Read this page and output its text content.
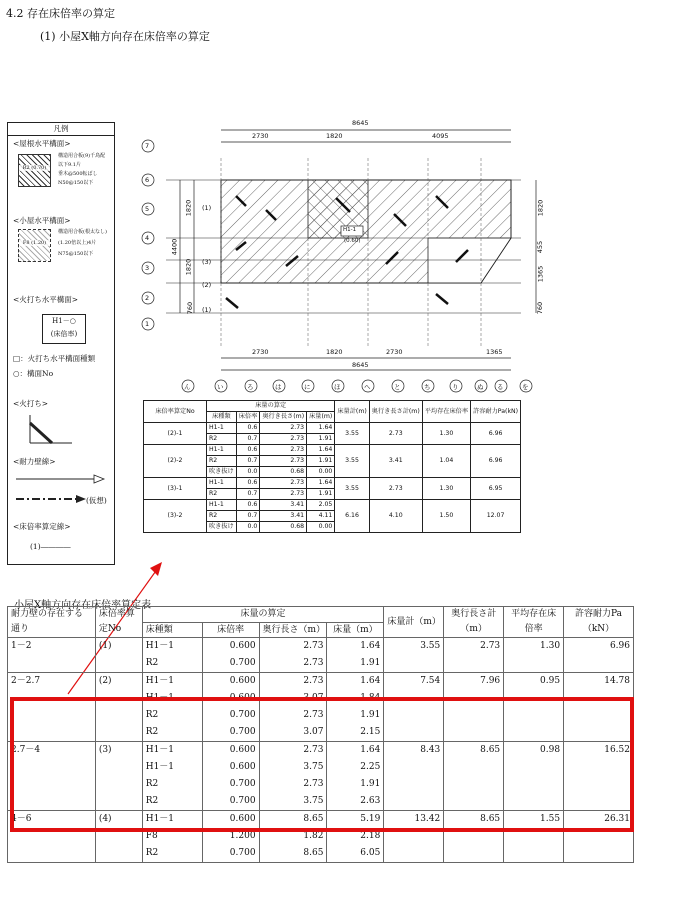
4.2 存在床倍率の算定
(1) 小屋X軸方向存在床倍率の算定
凡例
<屋根水平構面>
R2 (0.70)
構造用合板(9)千鳥配
以下9.1片
垂木@500転ばし
N50@150以下
<小屋水平構面>
F8 (1.20)
構造用合板(根太なし)
(1.20倍以上)4片
N75@150以下
<火打ち水平構面>
H1－○
(床倍率)
□：火打ち水平構面種類
○：構面No
<火打ち>
<耐力壁線>
(仮想)
<床倍率算定線>
(1)――――
8645
2730	1820	4095
2730	1820	2730	1365
8645
4400
1820
1820
760
1820
455
1365
760
7
6
5
4
3
2
1
ん	い	ろ	は	に	ほ	へ	と	ち	り	ぬ る	を
(1)
(3)
(2)
(1)
H1-1
(0.60)
床倍率算定No	床量の算定				床量計(m)	奥行き長さ計(m)	平均存在床倍率	許容耐力Pa(kN)
	床種類	床倍率	奥行き長さ(m)	床量(m)				
(2)-1	H1-1	0.6	2.73	1.64	3.55	2.73	1.30	6.96
	R2	0.7	2.73	1.91				
(2)-2	H1-1	0.6	2.73	1.64	3.55	3.41	1.04	6.96
	R2	0.7	2.73	1.91				
	吹き抜け	0.0	0.68	0.00				
(3)-1	H1-1	0.6	2.73	1.64	3.55	2.73	1.30	6.95
	R2	0.7	2.73	1.91				
(3)-2	H1-1	0.6	3.41	2.05	6.16	4.10	1.50	12.07
	R2	0.7	3.41	4.11				
	吹き抜け	0.0	0.68	0.00				
小屋X軸方向存在床倍率算定表
耐力壁の存在する通り	床倍率算定No	床量の算定				床量計（m）	奥行長さ計（m）	平均存在床倍率	許容耐力Pa（kN）
		床種類	床倍率	奥行長さ（m）	床量（m）				
1－2	(1)	H1－1	0.600	2.73	1.64	3.55	2.73	1.30	6.96
		R2	0.700	2.73	1.91				
2－2.7	(2)	H1－1	0.600	2.73	1.64	7.54	7.96	0.95	14.78
		H1－1	0.600	3.07	1.84				
		R2	0.700	2.73	1.91				
		R2	0.700	3.07	2.15				
2.7－4	(3)	H1－1	0.600	2.73	1.64	8.43	8.65	0.98	16.52
		H1－1	0.600	3.75	2.25				
		R2	0.700	2.73	1.91				
		R2	0.700	3.75	2.63				
4－6	(4)	H1－1	0.600	8.65	5.19	13.42	8.65	1.55	26.31
		F8	1.200	1.82	2.18				
		R2	0.700	8.65	6.05				
